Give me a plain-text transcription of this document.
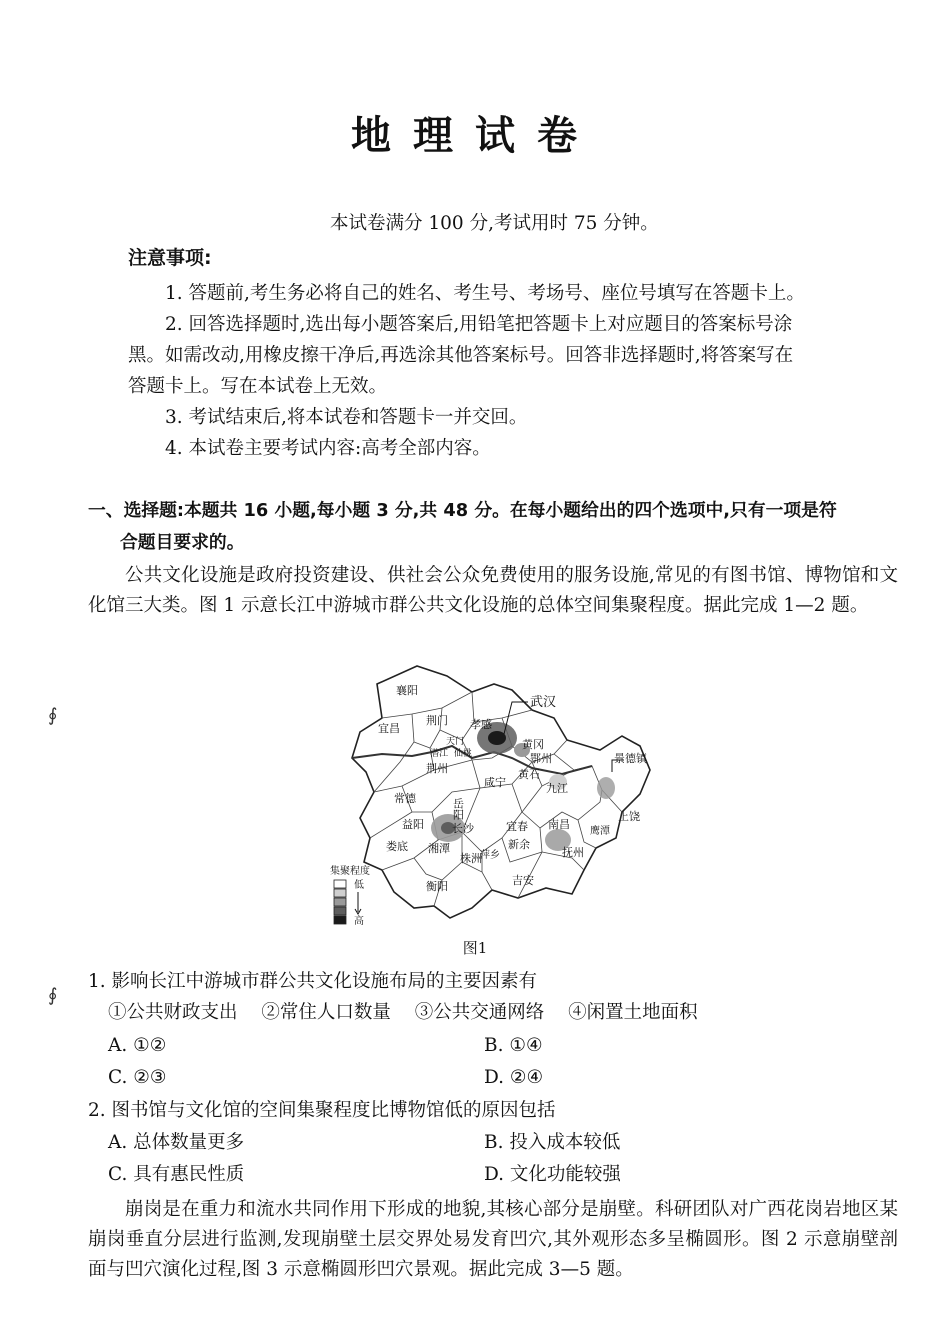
地理试卷
本试卷满分 100 分,考试用时 75 分钟。
注意事项:
1. 答题前,考生务必将自己的姓名、考生号、考场号、座位号填写在答题卡上。
2. 回答选择题时,选出每小题答案后,用铅笔把答题卡上对应题目的答案标号涂
黑。如需改动,用橡皮擦干净后,再选涂其他答案标号。回答非选择题时,将答案写在
答题卡上。写在本试卷上无效。
3. 考试结束后,将本试卷和答题卡一并交回。
4. 本试卷主要考试内容:高考全部内容。
一、选择题:本题共 16 小题,每小题 3 分,共 48 分。在每小题给出的四个选项中,只有一项是符
合题目要求的。
公共文化设施是政府投资建设、供社会公众免费使用的服务设施,常见的有图书馆、博物馆和文化馆三大类。图 1 示意长江中游城市群公共文化设施的总体空间集聚程度。据此完成 1—2 题。
∮
∮
襄阳
宜昌
荆门 孝感
武汉
天门
潜江 仙桃
荆州
黄冈
鄂州
黄石
咸宁
景德镇
常德	岳阳
九江
益阳	长沙	宜春 南昌
鹰潭
上饶
娄底 湘潭
株洲
萍乡
新余
抚州
衡阳	吉安
集聚程度
低
高
图1
1. 影响长江中游城市群公共文化设施布局的主要因素有
①公共财政支出 ②常住人口数量 ③公共交通网络 ④闲置土地面积
A. ①②	B. ①④
C. ②③	D. ②④
2. 图书馆与文化馆的空间集聚程度比博物馆低的原因包括
A. 总体数量更多	B. 投入成本较低
C. 具有惠民性质	D. 文化功能较强
崩岗是在重力和流水共同作用下形成的地貌,其核心部分是崩壁。科研团队对广西花岗岩地区某崩岗垂直分层进行监测,发现崩壁土层交界处易发育凹穴,其外观形态多呈椭圆形。图 2 示意崩壁剖面与凹穴演化过程,图 3 示意椭圆形凹穴景观。据此完成 3—5 题。
